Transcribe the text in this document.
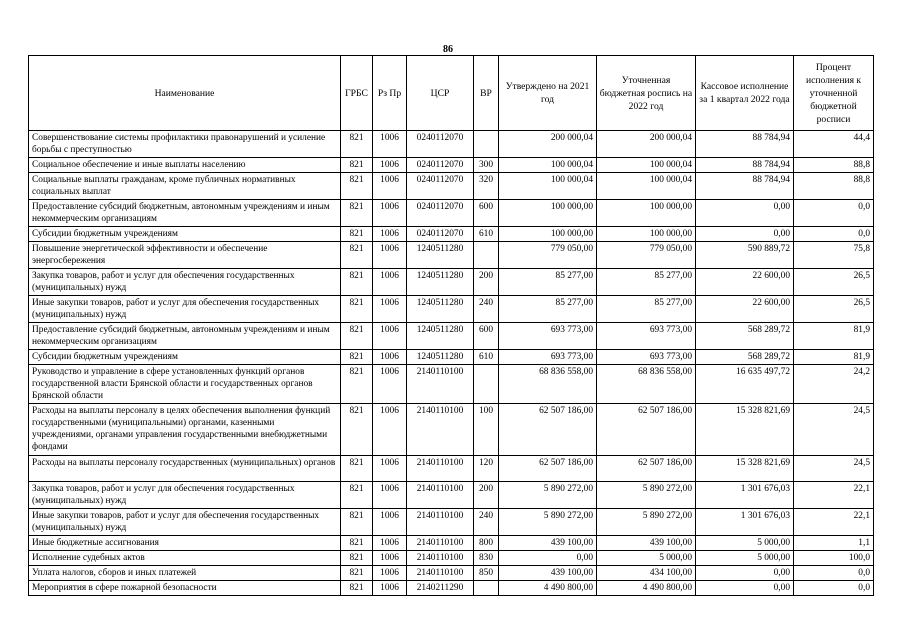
86
Наименование	ГРБС	Рз Пр	ЦСР	ВР	Утверждено на 2021 год	Уточненная бюджетная роспись на 2022 год	Кассовое исполнение за 1 квартал 2022 года	Процент исполнения к уточненной бюджетной росписи
Совершенствование системы профилактики правонарушений и усиление борьбы с преступностью	821	1006	0240112070		200 000,04	200 000,04	88 784,94	44,4
Социальное обеспечение и иные выплаты населению	821	1006	0240112070	300	100 000,04	100 000,04	88 784,94	88,8
Социальные выплаты гражданам, кроме публичных нормативных социальных выплат	821	1006	0240112070	320	100 000,04	100 000,04	88 784,94	88,8
Предоставление субсидий бюджетным, автономным учреждениям и иным некоммерческим организациям	821	1006	0240112070	600	100 000,00	100 000,00	0,00	0,0
Субсидии бюджетным учреждениям	821	1006	0240112070	610	100 000,00	100 000,00	0,00	0,0
Повышение энергетической эффективности и обеспечение энергосбережения	821	1006	1240511280		779 050,00	779 050,00	590 889,72	75,8
Закупка товаров, работ и услуг для обеспечения государственных (муниципальных) нужд	821	1006	1240511280	200	85 277,00	85 277,00	22 600,00	26,5
Иные закупки товаров, работ и услуг для обеспечения государственных (муниципальных) нужд	821	1006	1240511280	240	85 277,00	85 277,00	22 600,00	26,5
Предоставление субсидий бюджетным, автономным учреждениям и иным некоммерческим организациям	821	1006	1240511280	600	693 773,00	693 773,00	568 289,72	81,9
Субсидии бюджетным учреждениям	821	1006	1240511280	610	693 773,00	693 773,00	568 289,72	81,9
Руководство и управление в сфере установленных функций органов государственной власти Брянской области и государственных органов Брянской области	821	1006	2140110100		68 836 558,00	68 836 558,00	16 635 497,72	24,2
Расходы на выплаты персоналу в целях обеспечения выполнения функций государственными (муниципальными) органами, казенными учреждениями, органами управления государственными внебюджетными фондами	821	1006	2140110100	100	62 507 186,00	62 507 186,00	15 328 821,69	24,5
Расходы на выплаты персоналу государственных (муниципальных) органов	821	1006	2140110100	120	62 507 186,00	62 507 186,00	15 328 821,69	24,5
Закупка товаров, работ и услуг для обеспечения государственных (муниципальных) нужд	821	1006	2140110100	200	5 890 272,00	5 890 272,00	1 301 676,03	22,1
Иные закупки товаров, работ и услуг для обеспечения государственных (муниципальных) нужд	821	1006	2140110100	240	5 890 272,00	5 890 272,00	1 301 676,03	22,1
Иные бюджетные ассигнования	821	1006	2140110100	800	439 100,00	439 100,00	5 000,00	1,1
Исполнение судебных актов	821	1006	2140110100	830	0,00	5 000,00	5 000,00	100,0
Уплата налогов, сборов и иных платежей	821	1006	2140110100	850	439 100,00	434 100,00	0,00	0,0
Мероприятия в сфере пожарной безопасности	821	1006	2140211290		4 490 800,00	4 490 800,00	0,00	0,0
